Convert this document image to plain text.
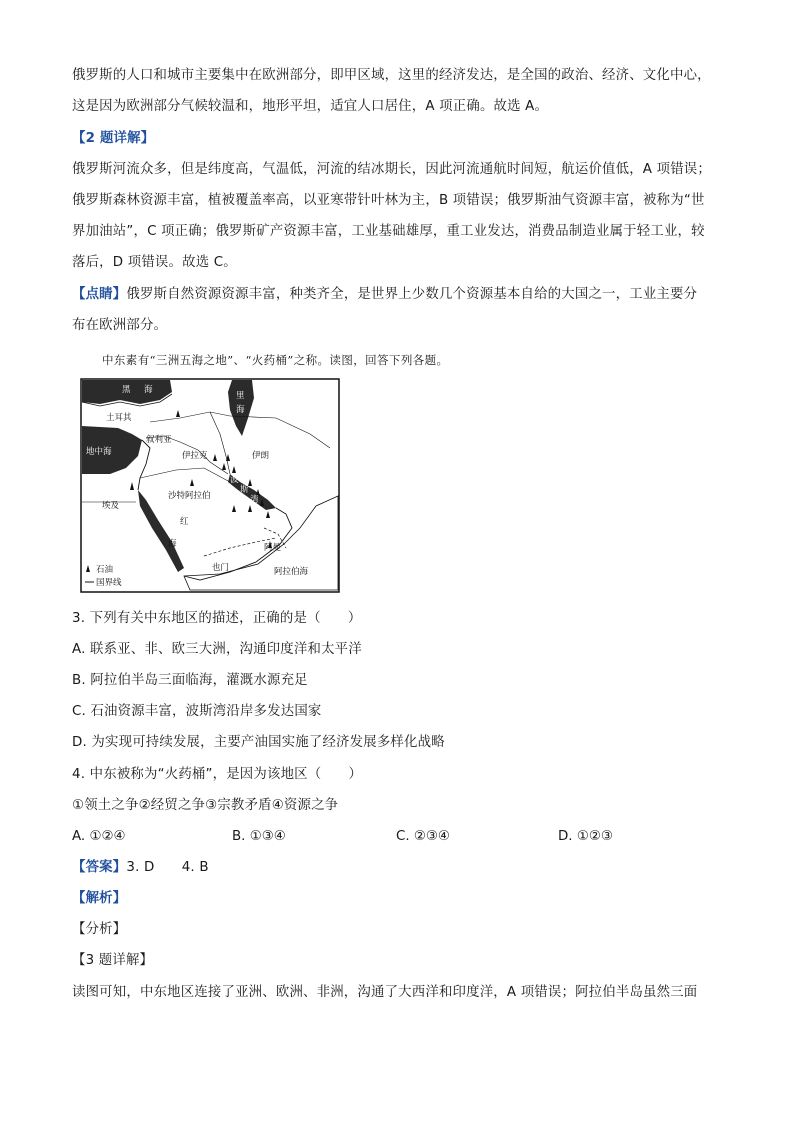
俄罗斯的人口和城市主要集中在欧洲部分，即甲区域，这里的经济发达，是全国的政治、经济、文化中心，
这是因为欧洲部分气候较温和，地形平坦，适宜人口居住，A 项正确。故选 A。
【2 题详解】
俄罗斯河流众多，但是纬度高，气温低，河流的结冰期长，因此河流通航时间短，航运价值低，A 项错误；
俄罗斯森林资源丰富，植被覆盖率高，以亚寒带针叶林为主，B 项错误；俄罗斯油气资源丰富，被称为“世
界加油站”，C 项正确；俄罗斯矿产资源丰富，工业基础雄厚，重工业发达，消费品制造业属于轻工业，较
落后，D 项错误。故选 C。
【点睛】俄罗斯自然资源资源丰富，种类齐全，是世界上少数几个资源基本自给的大国之一，工业主要分
布在欧洲部分。
中东素有“三洲五海之地”、“火药桶”之称。读图，回答下列各题。
黑 海
里
海
土耳其
叙利亚
伊拉克	伊朗
地中海
埃及
沙特阿拉伯
波
斯
湾
红
海	阿曼
也门	阿拉伯海
石油
国界线
3. 下列有关中东地区的描述，正确的是（　　）
A. 联系亚、非、欧三大洲，沟通印度洋和太平洋
B. 阿拉伯半岛三面临海，灌溉水源充足
C. 石油资源丰富，波斯湾沿岸多发达国家
D. 为实现可持续发展，主要产油国实施了经济发展多样化战略
4. 中东被称为“火药桶”，是因为该地区（　　）
①领土之争②经贸之争③宗教矛盾④资源之争
A. ①②④	B. ①③④	C. ②③④	D. ①②③
【答案】3. D　　4. B
【解析】
【分析】
【3 题详解】
读图可知，中东地区连接了亚洲、欧洲、非洲，沟通了大西洋和印度洋，A 项错误；阿拉伯半岛虽然三面
